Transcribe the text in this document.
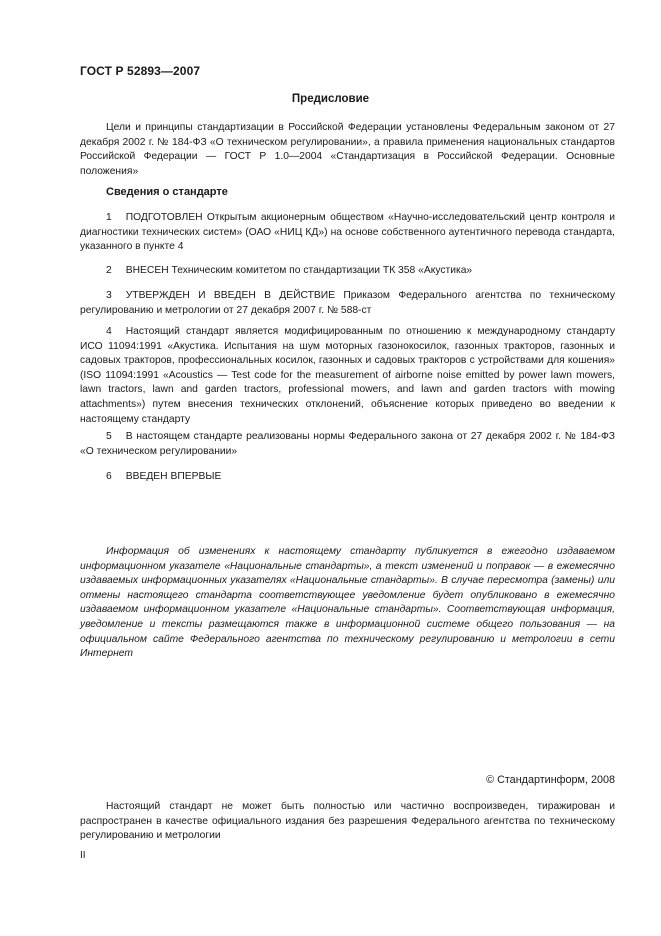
ГОСТ Р 52893—2007
Предисловие
Цели и принципы стандартизации в Российской Федерации установлены Федеральным законом от 27 декабря 2002 г. № 184-ФЗ «О техническом регулировании», а правила применения национальных стандартов Российской Федерации — ГОСТ Р 1.0—2004 «Стандартизация в Российской Федерации. Основные положения»
Сведения о стандарте
1 ПОДГОТОВЛЕН Открытым акционерным обществом «Научно-исследовательский центр контроля и диагностики технических систем» (ОАО «НИЦ КД») на основе собственного аутентичного перевода стандарта, указанного в пункте 4
2 ВНЕСЕН Техническим комитетом по стандартизации ТК 358 «Акустика»
3 УТВЕРЖДЕН И ВВЕДЕН В ДЕЙСТВИЕ Приказом Федерального агентства по техническому регулированию и метрологии от 27 декабря 2007 г. № 588-ст
4 Настоящий стандарт является модифицированным по отношению к международному стандарту ИСО 11094:1991 «Акустика. Испытания на шум моторных газонокосилок, газонных тракторов, газонных и садовых тракторов, профессиональных косилок, газонных и садовых тракторов с устройствами для кошения» (ISO 11094:1991 «Acoustics — Test code for the measurement of airborne noise emitted by power lawn mowers, lawn tractors, lawn and garden tractors, professional mowers, and lawn and garden tractors with mowing attachments») путем внесения технических отклонений, объяснение которых приведено во введении к настоящему стандарту
5 В настоящем стандарте реализованы нормы Федерального закона от 27 декабря 2002 г. № 184-ФЗ «О техническом регулировании»
6 ВВЕДЕН ВПЕРВЫЕ
Информация об изменениях к настоящему стандарту публикуется в ежегодно издаваемом информационном указателе «Национальные стандарты», а текст изменений и поправок — в ежемесячно издаваемых информационных указателях «Национальные стандарты». В случае пересмотра (замены) или отмены настоящего стандарта соответствующее уведомление будет опубликовано в ежемесячно издаваемом информационном указателе «Национальные стандарты». Соответствующая информация, уведомление и тексты размещаются также в информационной системе общего пользования — на официальном сайте Федерального агентства по техническому регулированию и метрологии в сети Интернет
© Стандартинформ, 2008
Настоящий стандарт не может быть полностью или частично воспроизведен, тиражирован и распространен в качестве официального издания без разрешения Федерального агентства по техническому регулированию и метрологии
II
